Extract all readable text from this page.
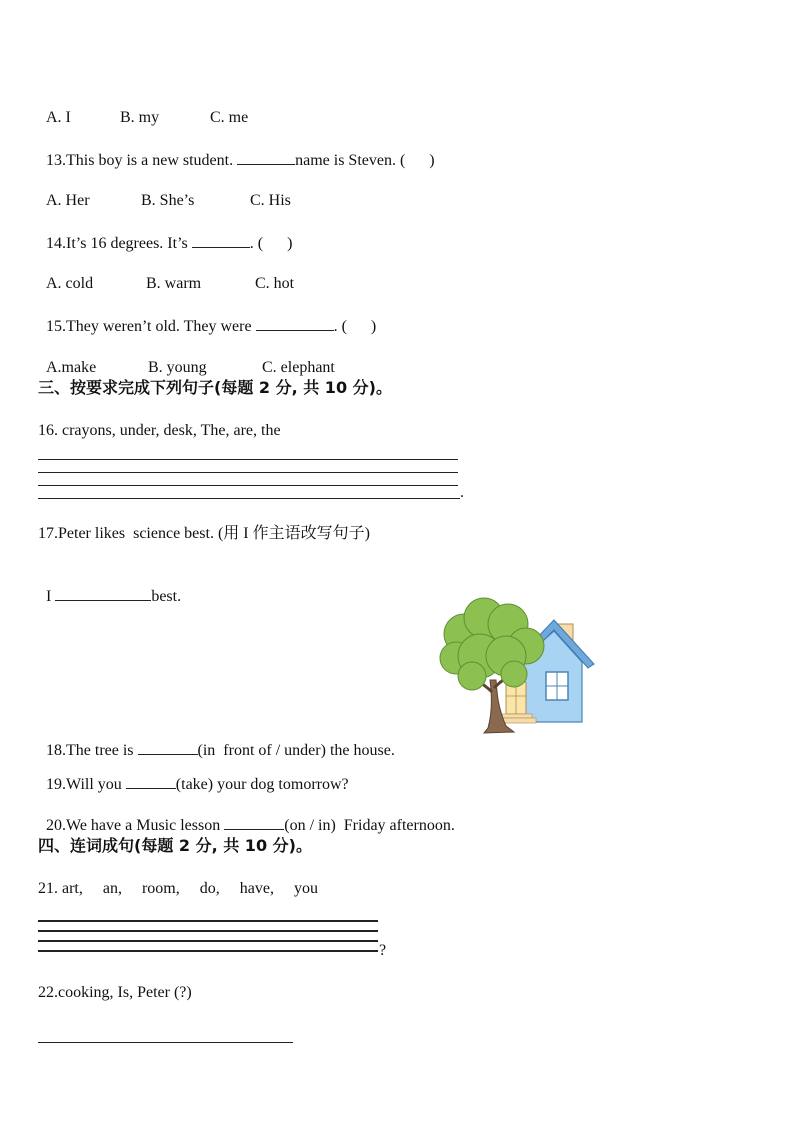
A. I	B. my	C. me

13.This boy is a new student.	name is Steven. (      )

A. Her	B. She’s	C. His

14.It’s 16 degrees. It’s	. (      )

A. cold	B. warm	C. hot

15.They weren’t old. They were	. (      )

A.make	B. young	C. elephant

三、按要求完成下列句子(每题 2 分, 共 10 分)。
16. crayons, under, desk, The, are, the
.
17.Peter likes  science best. (用 I 作主语改写句子)

I	best.

18.The tree is	(in  front of / under) the house.

19.Will you	(take) your dog tomorrow?

20.We have a Music lesson	(on / in)  Friday afternoon.

四、连词成句(每题 2 分, 共 10 分)。
21. art,     an,     room,     do,     have,     you
?
22.cooking, Is, Peter (?)
